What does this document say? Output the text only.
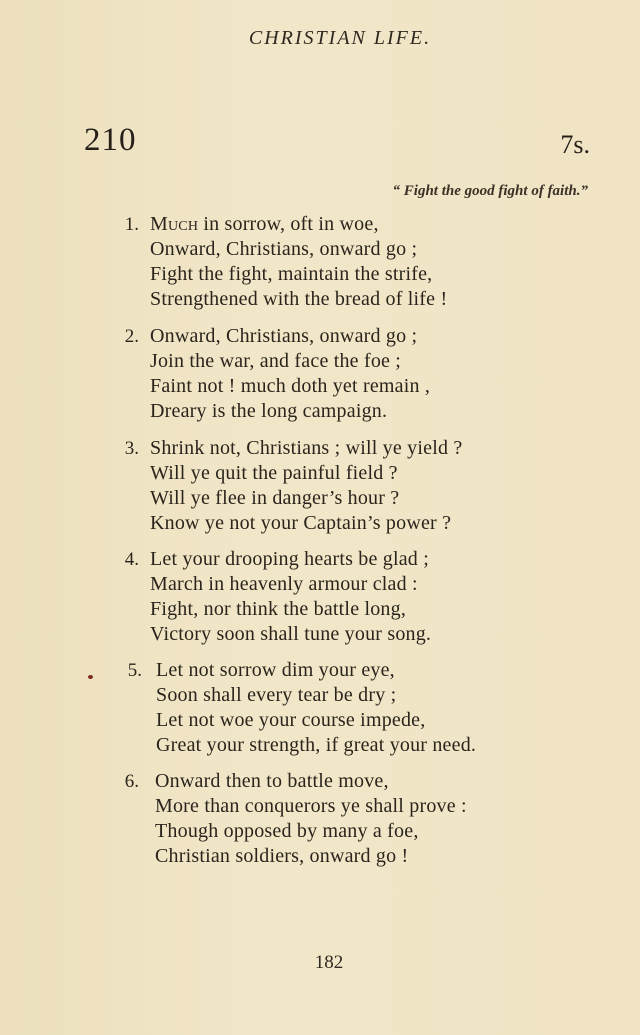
CHRISTIAN LIFE.
210	7s.
“ Fight the good fight of faith.”
1. Much in sorrow, oft in woe,
Onward, Christians, onward go ;
Fight the fight, maintain the strife,
Strengthened with the bread of life !
2. Onward, Christians, onward go ;
Join the war, and face the foe ;
Faint not ! much doth yet remain ,
Dreary is the long campaign.
3. Shrink not, Christians ; will ye yield ?
Will ye quit the painful field ?
Will ye flee in danger’s hour ?
Know ye not your Captain’s power ?
4. Let your drooping hearts be glad ;
March in heavenly armour clad :
Fight, nor think the battle long,
Victory soon shall tune your song.
5. Let not sorrow dim your eye,
Soon shall every tear be dry ;
Let not woe your course impede,
Great your strength, if great your need.
6. Onward then to battle move,
More than conquerors ye shall prove :
Though opposed by many a foe,
Christian soldiers, onward go !
182
